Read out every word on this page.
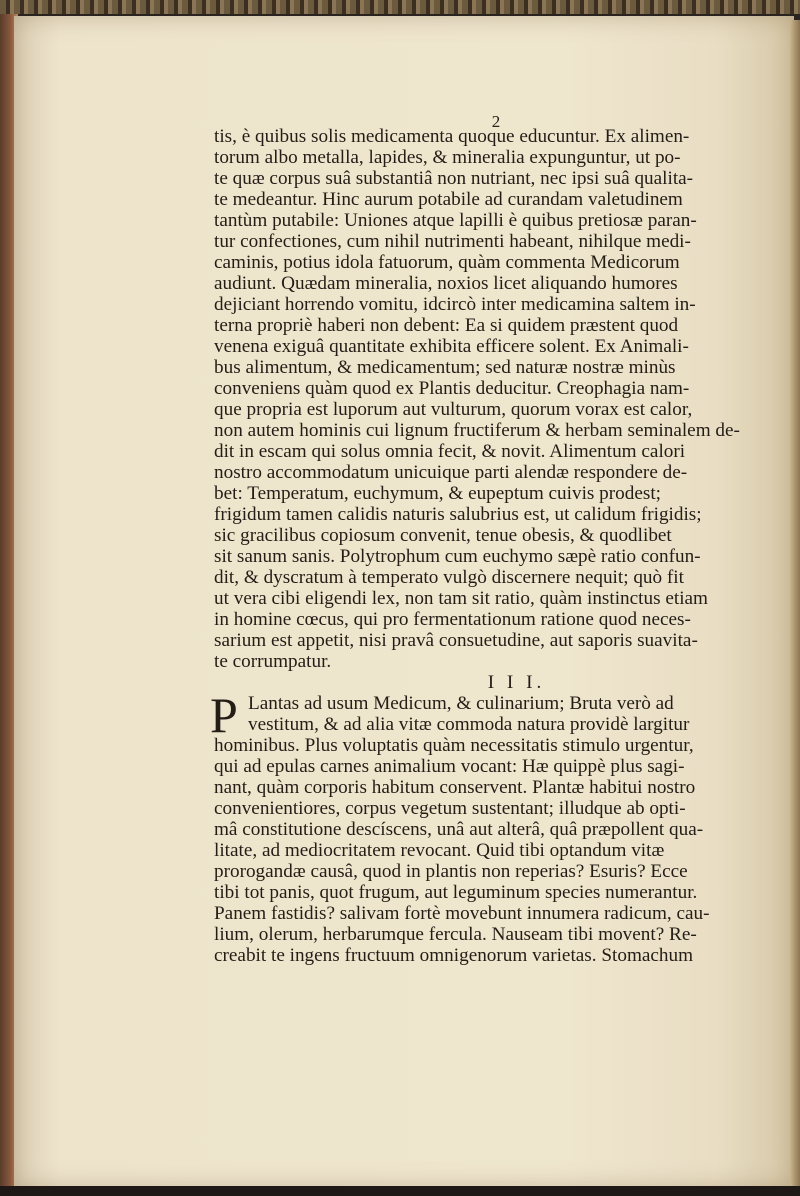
2
tis, è quibus solis medicamenta quoque educuntur. Ex alimen-
torum albo metalla, lapides, & mineralia expunguntur, ut po-
te quæ corpus suâ substantiâ non nutriant, nec ipsi suâ qualita-
te medeantur. Hinc aurum potabile ad curandam valetudinem
tantùm putabile: Uniones atque lapilli è quibus pretiosæ paran-
tur confectiones, cum nihil nutrimenti habeant, nihilque medi-
caminis, potius idola fatuorum, quàm commenta Medicorum
audiunt. Quædam mineralia, noxios licet aliquando humores
dejiciant horrendo vomitu, idcircò inter medicamina saltem in-
terna propriè haberi non debent: Ea si quidem præstent quod
venena exiguâ quantitate exhibita efficere solent. Ex Animali-
bus alimentum, & medicamentum; sed naturæ nostræ minùs
conveniens quàm quod ex Plantis deducitur. Creophagia nam-
que propria est luporum aut vulturum, quorum vorax est calor,
non autem hominis cui lignum fructiferum & herbam seminalem de-
dit in escam qui solus omnia fecit, & novit. Alimentum calori
nostro accommodatum unicuique parti alendæ respondere de-
bet: Temperatum, euchymum, & eupeptum cuivis prodest;
frigidum tamen calidis naturis salubrius est, ut calidum frigidis;
sic gracilibus copiosum convenit, tenue obesis, & quodlibet
sit sanum sanis. Polytrophum cum euchymo sæpè ratio confun-
dit, & dyscratum à temperato vulgò discernere nequit; quò fit
ut vera cibi eligendi lex, non tam sit ratio, quàm instinctus etiam
in homine cœcus, qui pro fermentationum ratione quod neces-
sarium est appetit, nisi pravâ consuetudine, aut saporis suavita-
te corrumpatur.
I I I.
P Lantas ad usum Medicum, & culinarium; Bruta verò ad
vestitum, & ad alia vitæ commoda natura providè largitur
hominibus. Plus voluptatis quàm necessitatis stimulo urgentur,
qui ad epulas carnes animalium vocant: Hæ quippè plus sagi-
nant, quàm corporis habitum conservent. Plantæ habitui nostro
convenientiores, corpus vegetum sustentant; illudque ab opti-
mâ constitutione descíscens, unâ aut alterâ, quâ præpollent qua-
litate, ad mediocritatem revocant. Quid tibi optandum vitæ
prorogandæ causâ, quod in plantis non reperias? Esuris? Ecce
tibi tot panis, quot frugum, aut leguminum species numerantur.
Panem fastidis? salivam fortè movebunt innumera radicum, cau-
lium, olerum, herbarumque fercula. Nauseam tibi movent? Re-
creabit te ingens fructuum omnigenorum varietas. Stomachum
